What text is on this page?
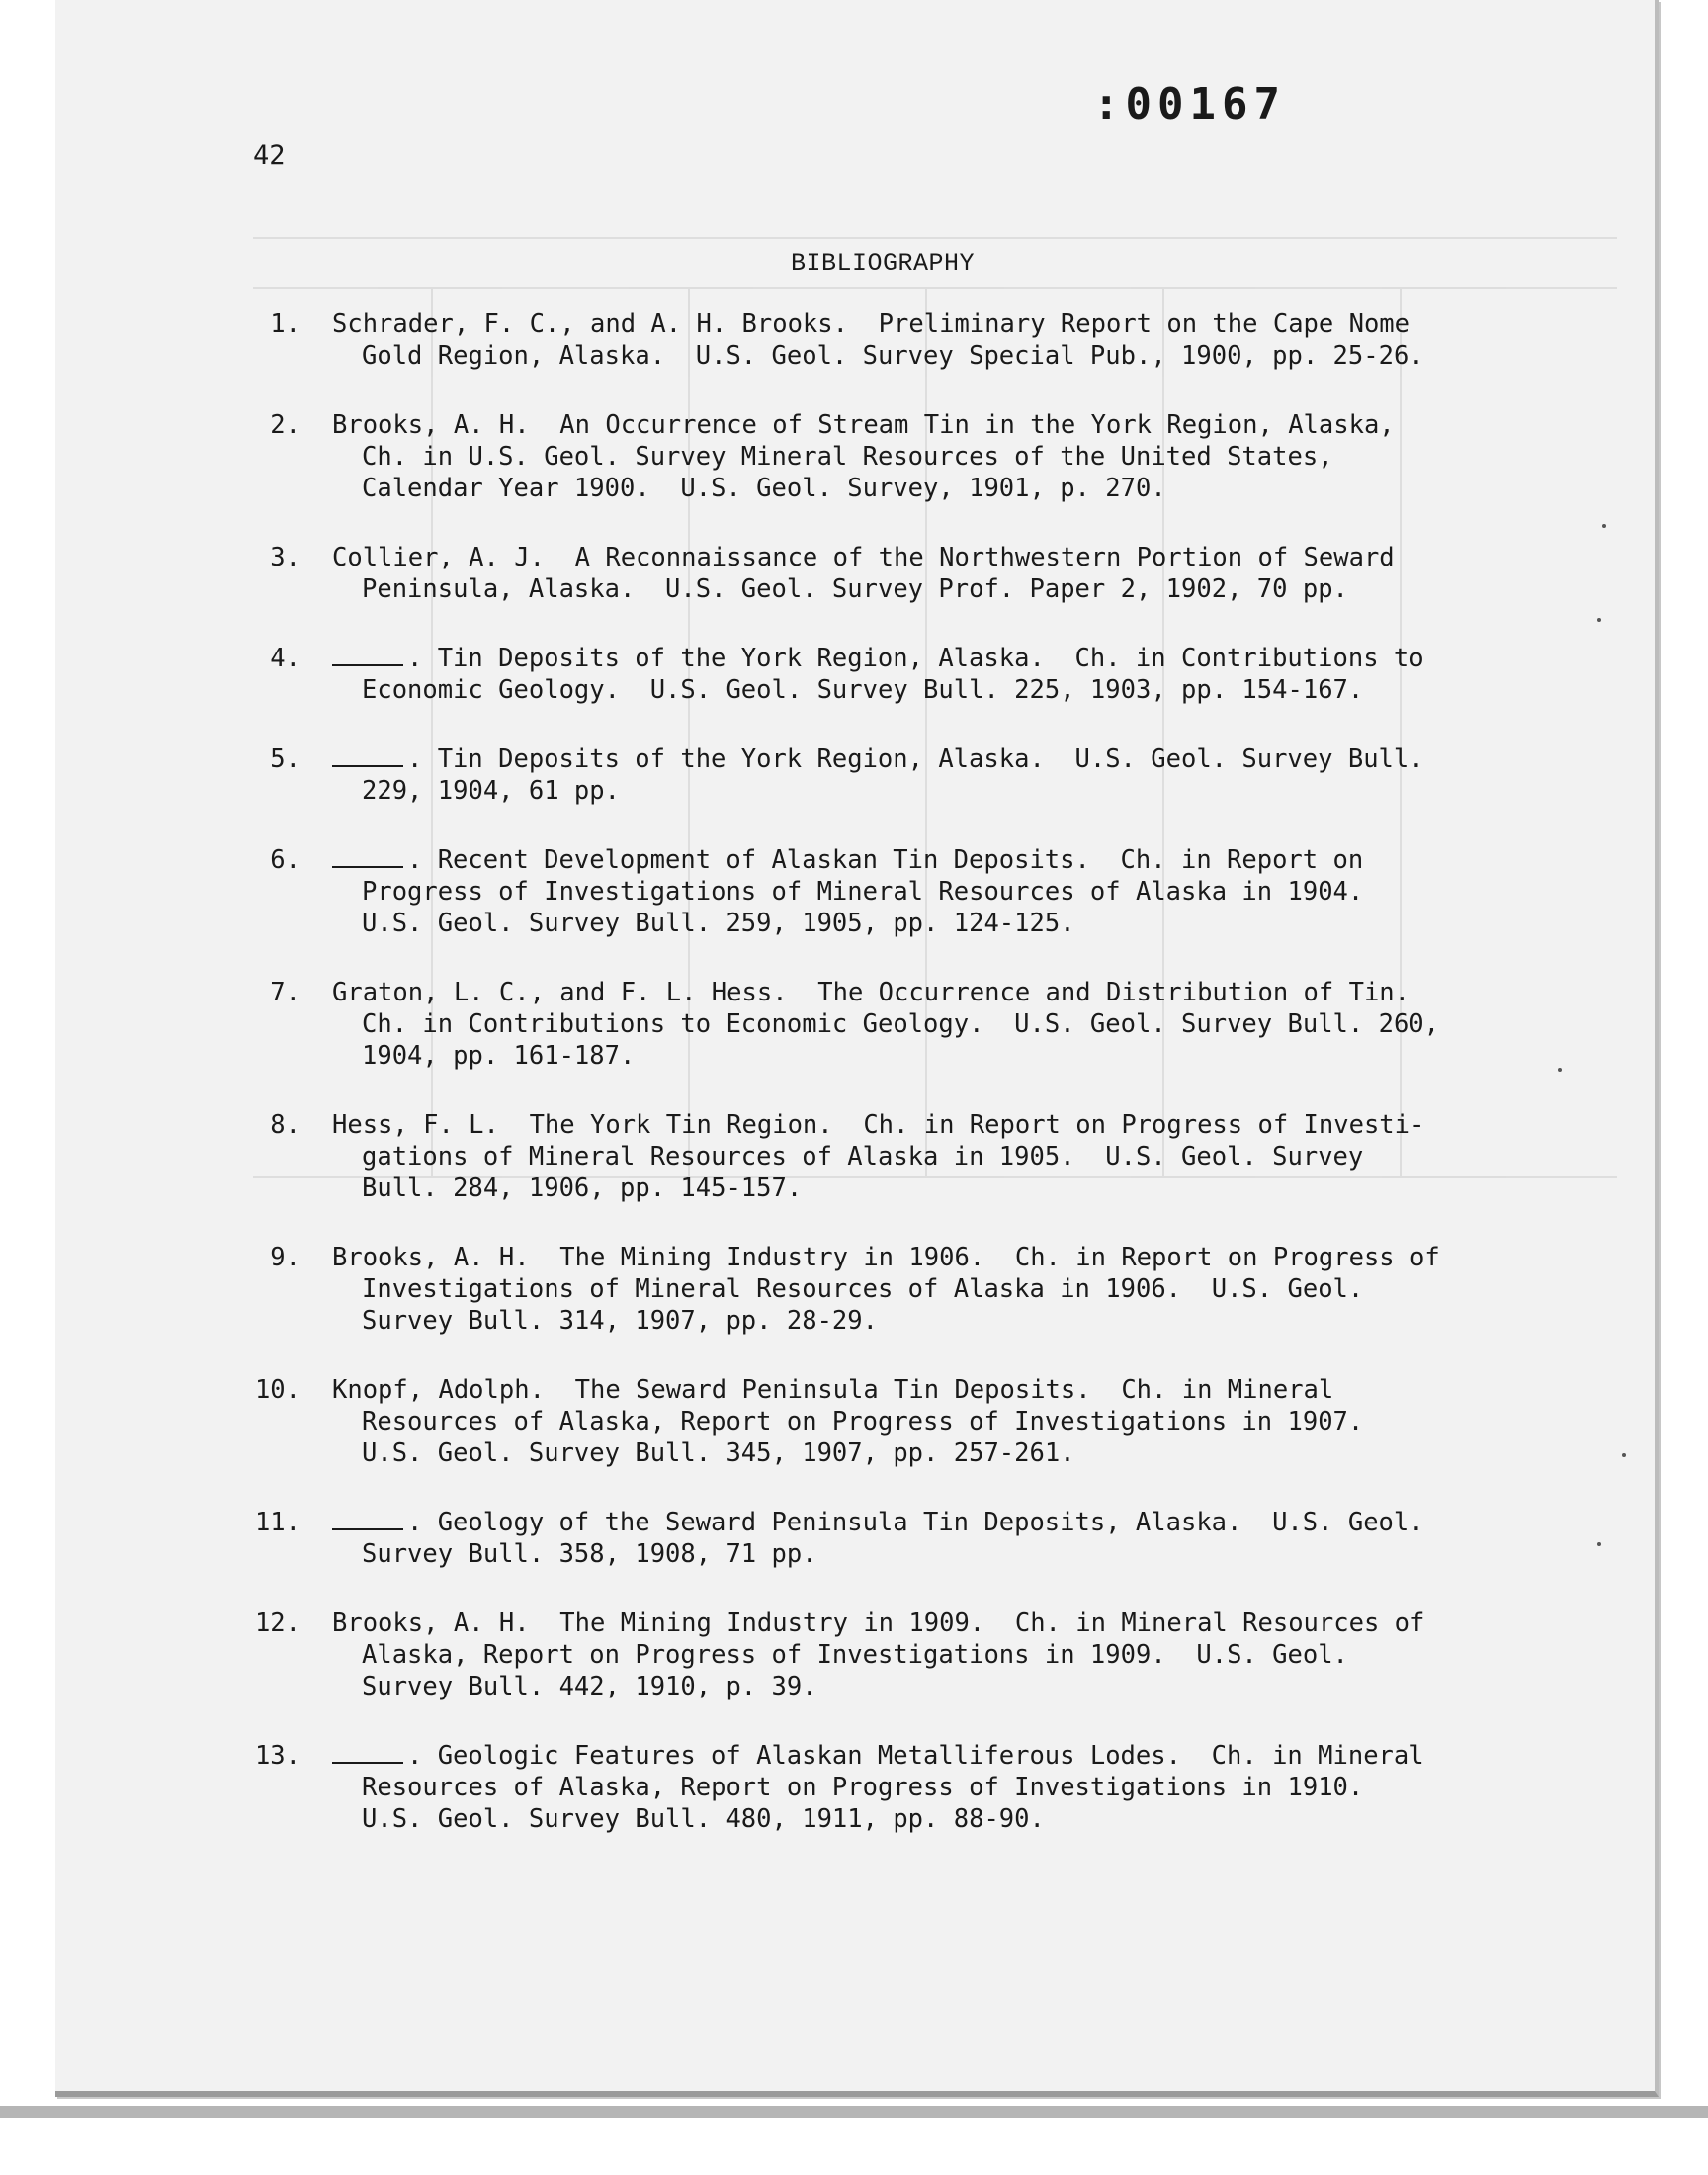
:00167
42
BIBLIOGRAPHY
1. Schrader, F. C., and A. H. Brooks.  Preliminary Report on the Cape Nome
Gold Region, Alaska.  U.S. Geol. Survey Special Pub., 1900, pp. 25-26.
2. Brooks, A. H.  An Occurrence of Stream Tin in the York Region, Alaska,
Ch. in U.S. Geol. Survey Mineral Resources of the United States,
Calendar Year 1900.  U.S. Geol. Survey, 1901, p. 270.
3. Collier, A. J.  A Reconnaissance of the Northwestern Portion of Seward
Peninsula, Alaska.  U.S. Geol. Survey Prof. Paper 2, 1902, 70 pp.
4.	. Tin Deposits of the York Region, Alaska.  Ch. in Contributions to
Economic Geology.  U.S. Geol. Survey Bull. 225, 1903, pp. 154-167.
5.	. Tin Deposits of the York Region, Alaska.  U.S. Geol. Survey Bull.
229, 1904, 61 pp.
6.	. Recent Development of Alaskan Tin Deposits.  Ch. in Report on
Progress of Investigations of Mineral Resources of Alaska in 1904.
U.S. Geol. Survey Bull. 259, 1905, pp. 124-125.
7. Graton, L. C., and F. L. Hess.  The Occurrence and Distribution of Tin.
Ch. in Contributions to Economic Geology.  U.S. Geol. Survey Bull. 260,
1904, pp. 161-187.
8. Hess, F. L.  The York Tin Region.  Ch. in Report on Progress of Investi-
gations of Mineral Resources of Alaska in 1905.  U.S. Geol. Survey
Bull. 284, 1906, pp. 145-157.
9. Brooks, A. H.  The Mining Industry in 1906.  Ch. in Report on Progress of
Investigations of Mineral Resources of Alaska in 1906.  U.S. Geol.
Survey Bull. 314, 1907, pp. 28-29.
10. Knopf, Adolph.  The Seward Peninsula Tin Deposits.  Ch. in Mineral
Resources of Alaska, Report on Progress of Investigations in 1907.
U.S. Geol. Survey Bull. 345, 1907, pp. 257-261.
11.	. Geology of the Seward Peninsula Tin Deposits, Alaska.  U.S. Geol.
Survey Bull. 358, 1908, 71 pp.
12. Brooks, A. H.  The Mining Industry in 1909.  Ch. in Mineral Resources of
Alaska, Report on Progress of Investigations in 1909.  U.S. Geol.
Survey Bull. 442, 1910, p. 39.
13.	. Geologic Features of Alaskan Metalliferous Lodes.  Ch. in Mineral
Resources of Alaska, Report on Progress of Investigations in 1910.
U.S. Geol. Survey Bull. 480, 1911, pp. 88-90.
